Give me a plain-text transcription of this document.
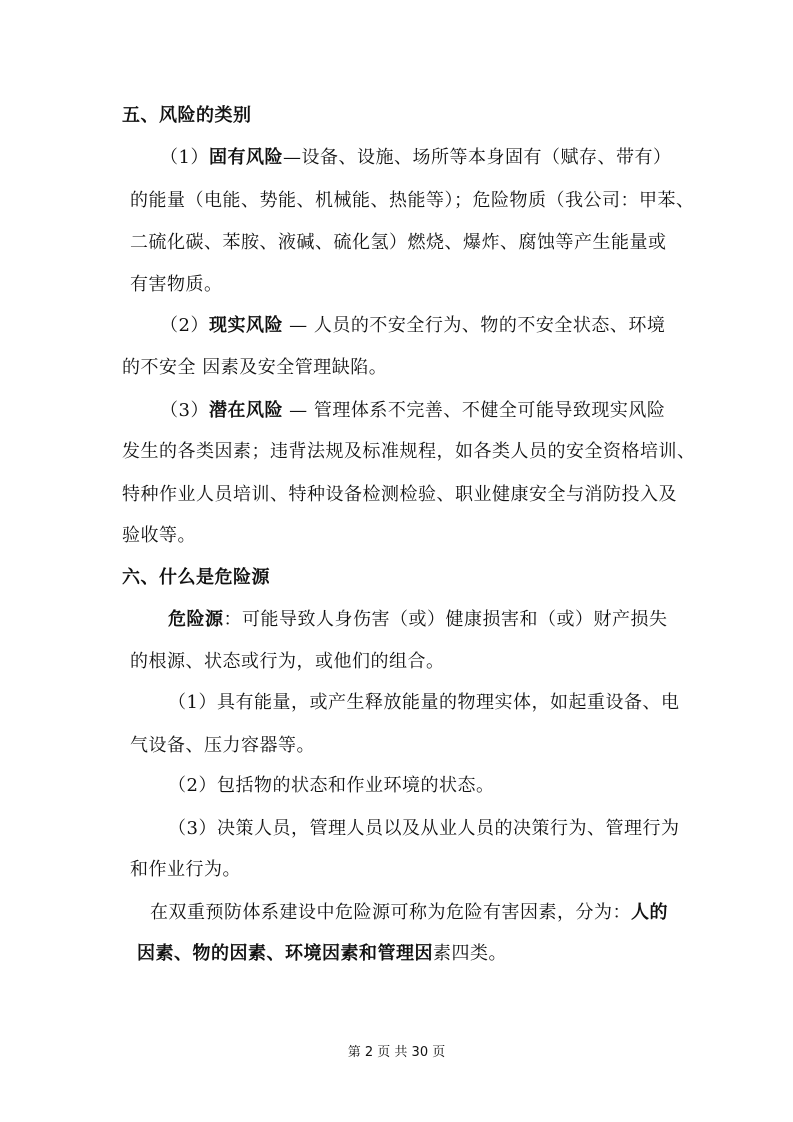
五、风险的类别
（1）固有风险—设备、设施、场所等本身固有（赋存、带有）
的能量（电能、势能、机械能、热能等）；危险物质（我公司：甲苯、
二硫化碳、苯胺、液碱、硫化氢）燃烧、爆炸、腐蚀等产生能量或
有害物质。
（2）现实风险 — 人员的不安全行为、物的不安全状态、环境
的不安全 因素及安全管理缺陷。
（3）潜在风险 — 管理体系不完善、不健全可能导致现实风险
发生的各类因素；违背法规及标准规程，如各类人员的安全资格培训、
特种作业人员培训、特种设备检测检验、职业健康安全与消防投入及
验收等。
六、什么是危险源
危险源：可能导致人身伤害（或）健康损害和（或）财产损失
的根源、状态或行为，或他们的组合。
（1）具有能量，或产生释放能量的物理实体，如起重设备、电
气设备、压力容器等。
（2）包括物的状态和作业环境的状态。
（3）决策人员，管理人员以及从业人员的决策行为、管理行为
和作业行为。
在双重预防体系建设中危险源可称为危险有害因素，分为：人的
因素、物的因素、环境因素和管理因素四类。
第 2 页 共 30 页
